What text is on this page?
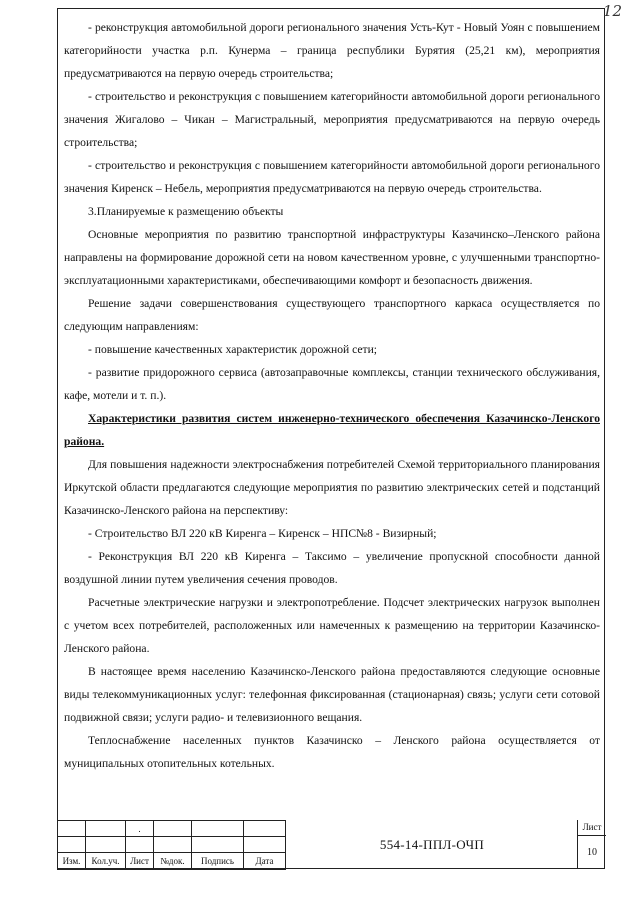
12

- реконструкция автомобильной дороги регионального значения Усть-Кут - Новый Уоян с повышением категорийности участка р.п. Кунерма – граница республики Бурятия (25,21 км), мероприятия предусматриваются на первую очередь строительства;

- строительство и реконструкция с повышением категорийности автомобильной дороги регионального значения Жигалово – Чикан – Магистральный, мероприятия предусматриваются на первую очередь строительства;

- строительство и реконструкция с повышением категорийности автомобильной дороги регионального значения Киренск – Небель, мероприятия предусматриваются на первую очередь строительства.

3.Планируемые к размещению объекты

Основные мероприятия по развитию транспортной инфраструктуры Казачинско–Ленского района направлены на формирование дорожной сети на новом качественном уровне, с улучшенными транспортно-эксплуатационными характеристиками, обеспечивающими комфорт и безопасность движения.

Решение задачи совершенствования существующего транспортного каркаса осуществляется по следующим направлениям:

- повышение качественных характеристик дорожной сети;

- развитие придорожного сервиса (автозаправочные комплексы, станции технического обслуживания, кафе, мотели и т. п.).

Характеристики развития систем инженерно-технического обеспечения Казачинско-Ленского района.

Для повышения надежности электроснабжения потребителей Схемой территориального планирования Иркутской области предлагаются следующие мероприятия по развитию электрических сетей и подстанций Казачинско-Ленского района на перспективу:

- Строительство ВЛ 220 кВ Киренга – Киренск – НПС№8 - Визирный;

- Реконструкция ВЛ 220 кВ Киренга – Таксимо – увеличение пропускной способности данной воздушной линии путем увеличения сечения проводов.

Расчетные электрические нагрузки и электропотребление. Подсчет электрических нагрузок выполнен с учетом всех потребителей, расположенных или намеченных к размещению на территории Казачинско-Ленского района.

В настоящее время населению Казачинско-Ленского района предоставляются следующие основные виды телекоммуникационных услуг: телефонная фиксированная (стационарная) связь; услуги сети сотовой подвижной связи; услуги радио- и телевизионного вещания.

Теплоснабжение населенных пунктов Казачинско – Ленского района осуществляется от муниципальных отопительных котельных.

		.			

Изм.	Кол.уч.	Лист	№док.	Подпись	Дата
554-14-ППЛ-ОЧП
Лист
10
